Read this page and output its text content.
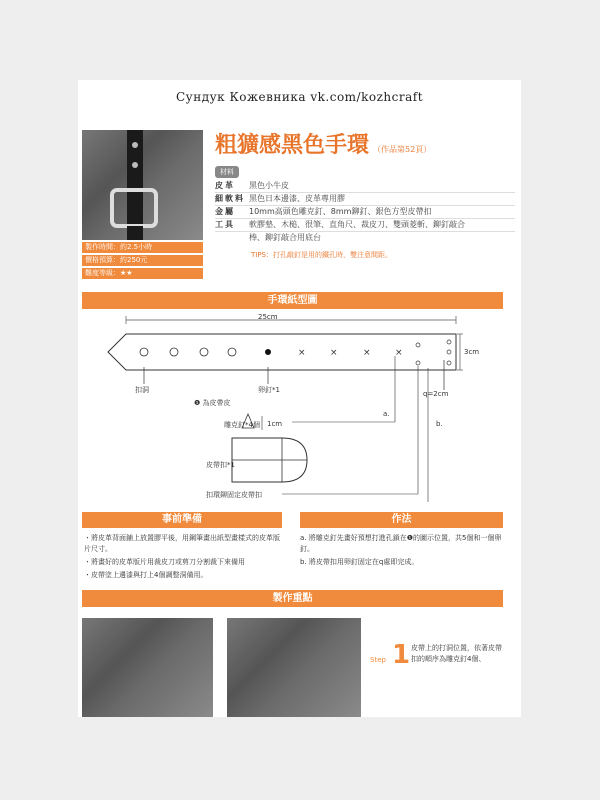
Сундук Кожевника vk.com/kozhcraft
製作時間：約2.5小時
價格預算：約250元
難度等級：★★
粗獷感黑色手環 （作品第52頁）
材料
皮革 黑色小牛皮
細軟料 黑色日本邊漆、皮革專用膠
金屬 10mm高頭色雕克釘、8mm鉚釘、銀色方型皮帶扣
工具 軟膠墊、木槌、很筆、直角尺、裁皮刀、雙頭菱斬、鉚釘敲合
棒、鉚釘敲合用底台
TIPS：打孔敲釘是用的鐵孔時，雙注意間距。
手環紙型圖
×	×	×	×
25cm
3cm
扣洞	卵釘*1
❶ 為皮帶皮
q=2cm
雕克釘*4個 1cm
a.
b.
皮帶扣*1
扣環鉚固定皮帶扣
事前準備	作法
・將皮革背面鋪上放置膠平後，用鋼筆畫出紙型畫樣式的皮革版片尺寸。
・將畫好的皮革版片用裁皮刀或剪刀分割裁下來備用
・皮帶塗上邊漆與打上4個調整洞備用。
a. 將雕克釘先畫好預想打進孔鎖在❶的圖示位置，共5個和一個卵釘。
b. 將皮帶扣用卵釘固定在q處即完成。
製作重點
Step 1 皮帶上的打洞位置，依著皮帶扣的順序為雕克釘4個、
